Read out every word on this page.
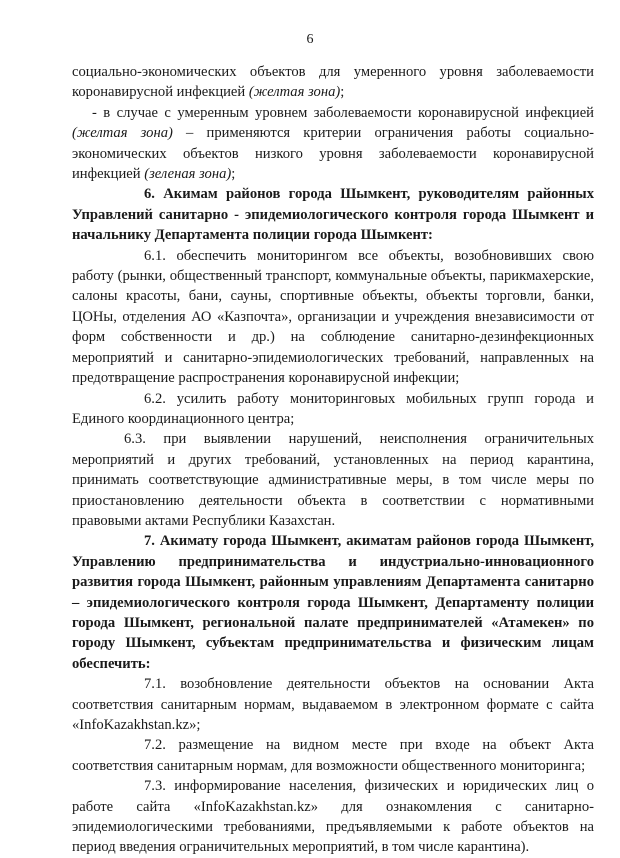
6

социально-экономических объектов для умеренного уровня заболеваемости коронавирусной инфекцией (желтая зона);

- в случае с умеренным уровнем заболеваемости коронавирусной инфекцией (желтая зона) – применяются критерии ограничения работы социально-экономических объектов низкого уровня заболеваемости коронавирусной инфекцией (зеленая зона);

6. Акимам районов города Шымкент, руководителям районных Управлений санитарно - эпидемиологического контроля города Шымкент и начальнику Департамента полиции города Шымкент:

6.1. обеспечить мониторингом все объекты, возобновивших свою работу (рынки, общественный транспорт, коммунальные объекты, парикмахерские, салоны красоты, бани, сауны, спортивные объекты, объекты торговли, банки, ЦОНы, отделения АО «Казпочта», организации и учреждения внезависимости от форм собственности и др.) на соблюдение санитарно-дезинфекционных мероприятий и санитарно-эпидемиологических требований, направленных на предотвращение распространения коронавирусной инфекции;

6.2. усилить работу мониторинговых мобильных групп города и Единого координационного центра;

6.3. при выявлении нарушений, неисполнения ограничительных мероприятий и других требований, установленных на период карантина, принимать соответствующие административные меры, в том числе меры по приостановлению деятельности объекта в соответствии с нормативными правовыми актами Республики Казахстан.

7. Акимату города Шымкент, акиматам районов города Шымкент, Управлению предпринимательства и индустриально-инновационного развития города Шымкент, районным управлениям Департамента санитарно – эпидемиологического контроля города Шымкент, Департаменту полиции города Шымкент, региональной палате предпринимателей «Атамекен» по городу Шымкент, субъектам предпринимательства и физическим лицам обеспечить:

7.1. возобновление деятельности объектов на основании Акта соответствия санитарным нормам, выдаваемом в электронном формате с сайта «InfoKazakhstan.kz»;

7.2. размещение на видном месте при входе на объект Акта соответствия санитарным нормам, для возможности общественного мониторинга;

7.3. информирование населения, физических и юридических лиц о работе сайта «InfoKazakhstan.kz» для ознакомления с санитарно-эпидемиологическими требованиями, предъявляемыми к работе объектов на период введения ограничительных мероприятий, в том числе карантина).
